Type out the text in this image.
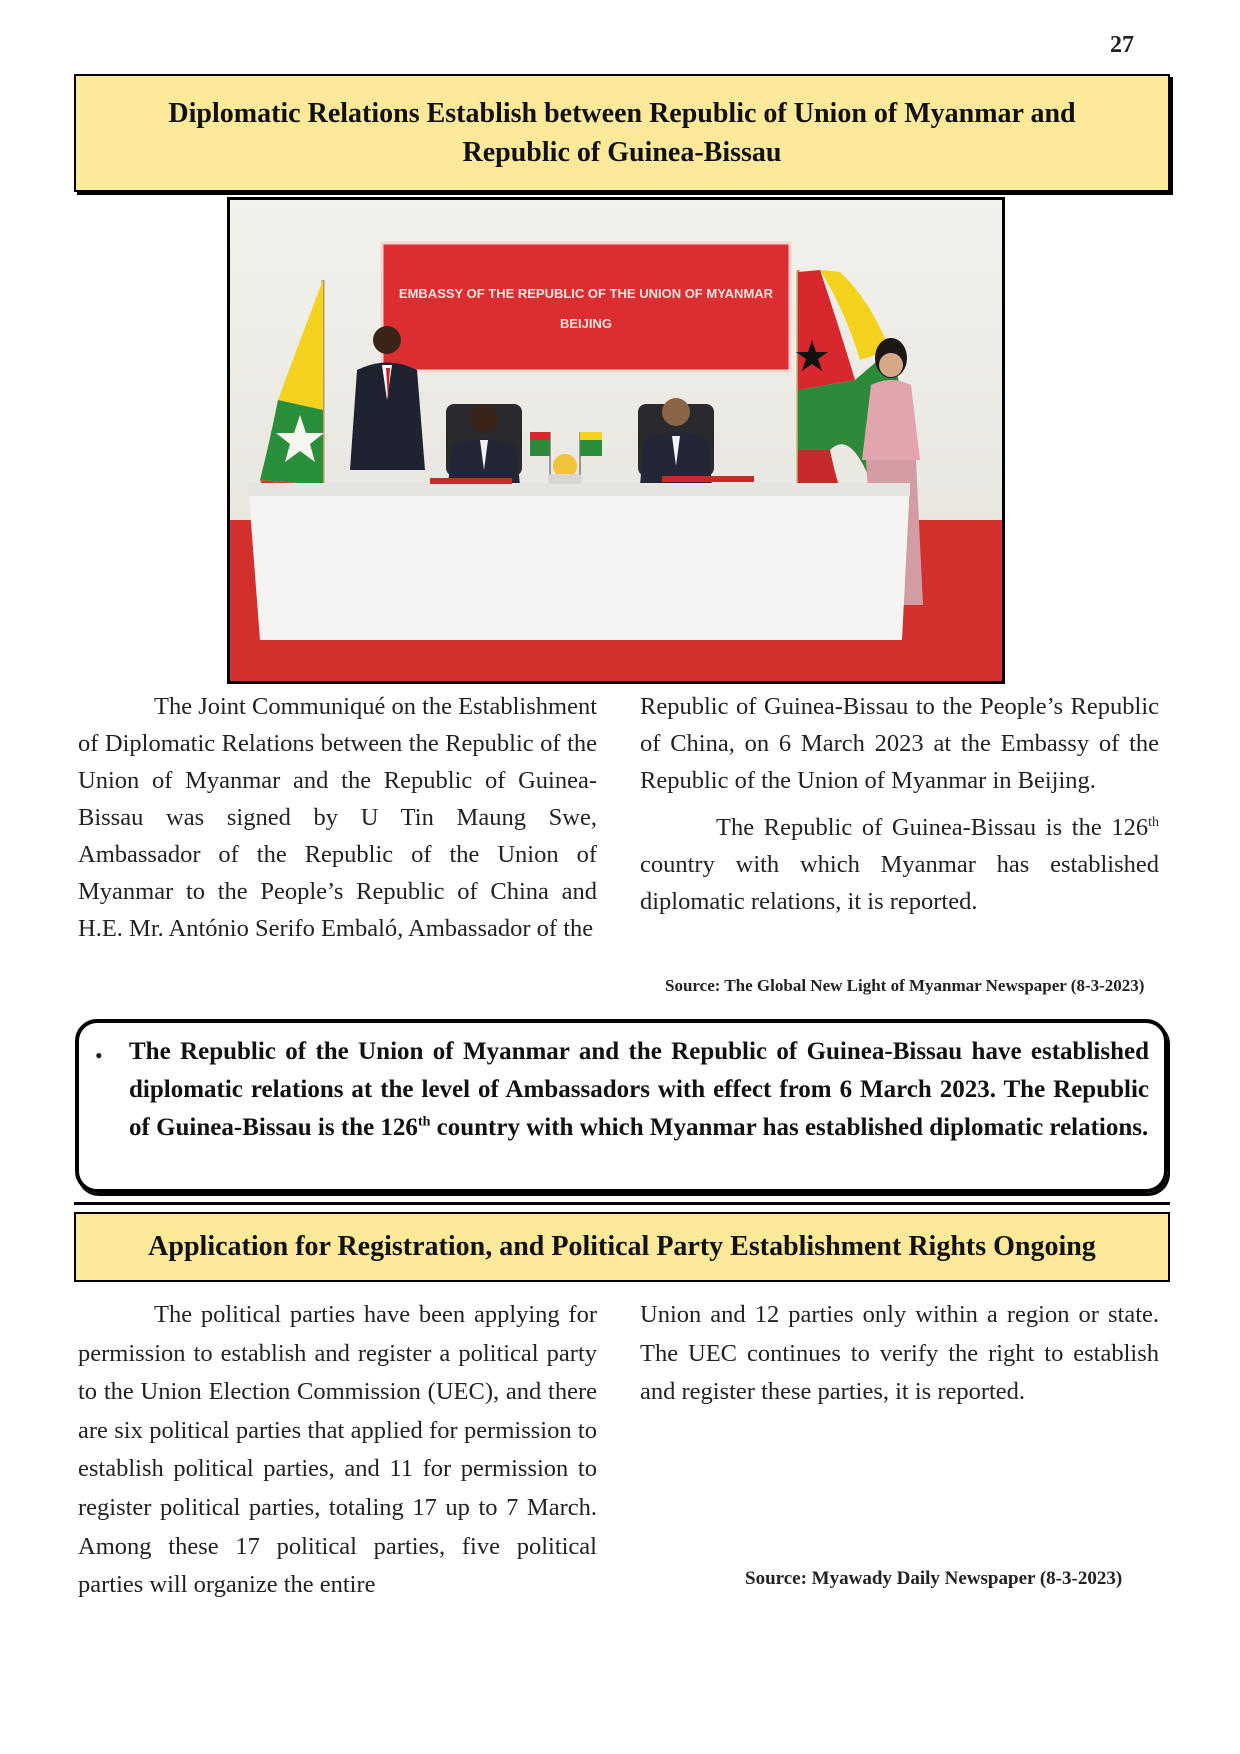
27
Diplomatic Relations Establish between Republic of Union of Myanmar and
Republic of Guinea-Bissau
EMBASSY OF THE REPUBLIC OF THE UNION OF MYANMAR
BEIJING

The Joint Communiqué on the Establishment of Diplomatic Relations between the Republic of the Union of Myanmar and the Republic of Guinea-Bissau was signed by U Tin Maung Swe, Ambassador of the Republic of the Union of Myanmar to the People’s Republic of China and H.E. Mr. António Serifo Embaló, Ambassador of the

Republic of Guinea-Bissau to the People’s Republic of China, on 6 March 2023 at the Embassy of the Republic of the Union of Myanmar in Beijing.

The Republic of Guinea-Bissau is the 126th country with which Myanmar has established diplomatic relations, it is reported.

Source: The Global New Light of Myanmar Newspaper (8-3-2023)
• The Republic of the Union of Myanmar and the Republic of Guinea-Bissau have established diplomatic relations at the level of Ambassadors with effect from 6 March 2023. The Republic of Guinea-Bissau is the 126th country with which Myanmar has established diplomatic relations.
Application for Registration, and Political Party Establishment Rights Ongoing

The political parties have been applying for permission to establish and register a political party to the Union Election Commission (UEC), and there are six political parties that applied for permission to establish political parties, and 11 for permission to register political parties, totaling 17 up to 7 March. Among these 17 political parties, five political parties will organize the entire

Union and 12 parties only within a region or state. The UEC continues to verify the right to establish and register these parties, it is reported.

Source: Myawady Daily Newspaper (8-3-2023)
